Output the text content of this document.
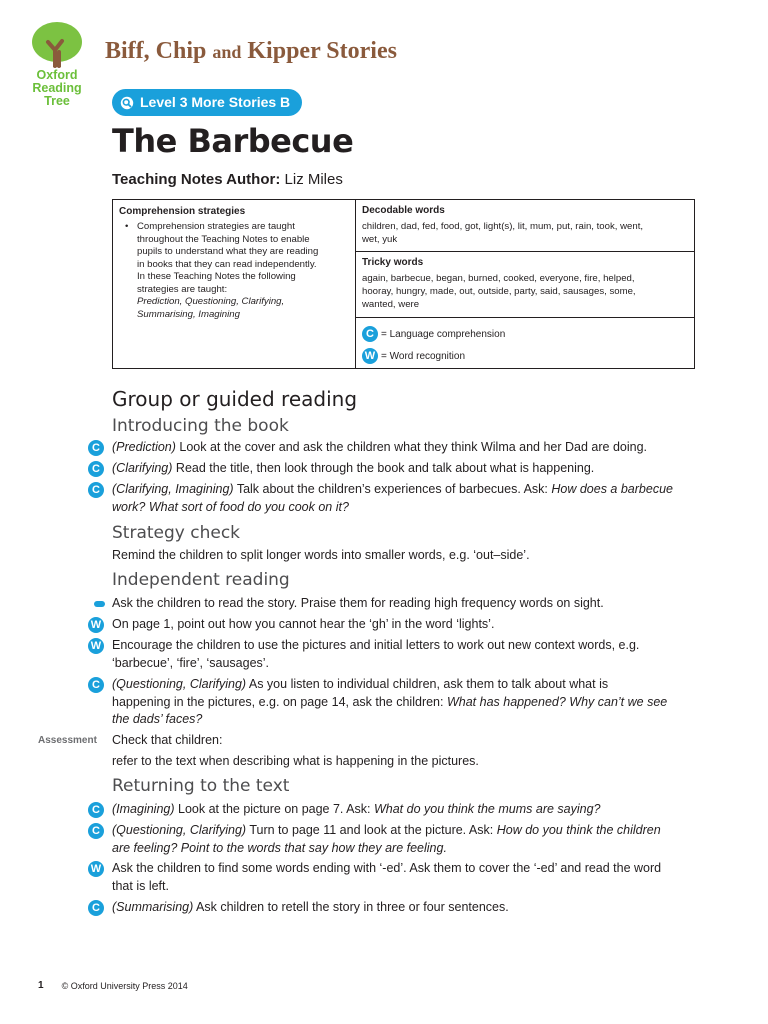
Oxford
Reading
Tree
Biff, Chip and Kipper Stories
Level 3 More Stories B
The Barbecue
Teaching Notes Author: Liz Miles
Comprehension strategies
• Comprehension strategies are taught
throughout the Teaching Notes to enable
pupils to understand what they are reading
in books that they can read independently.
In these Teaching Notes the following
strategies are taught:
Prediction, Questioning, Clarifying,
Summarising, Imagining
Decodable words
children, dad, fed, food, got, light(s), lit, mum, put, rain, took, went,
wet, yuk
Tricky words
again, barbecue, began, burned, cooked, everyone, fire, helped,
hooray, hungry, made, out, outside, party, said, sausages, some,
wanted, were
C = Language comprehension
W = Word recognition
Group or guided reading
Introducing the book
C (Prediction) Look at the cover and ask the children what they think Wilma and her Dad are doing.
C (Clarifying) Read the title, then look through the book and talk about what is happening.
C (Clarifying, Imagining) Talk about the children’s experiences of barbecues. Ask: How does a barbecue
work? What sort of food do you cook on it?
Strategy check
Remind the children to split longer words into smaller words, e.g. ‘out–side’.
Independent reading
Ask the children to read the story. Praise them for reading high frequency words on sight.
W On page 1, point out how you cannot hear the ‘gh’ in the word ‘lights’.
W Encourage the children to use the pictures and initial letters to work out new context words, e.g.
‘barbecue’, ‘fire’, ‘sausages’.
C (Questioning, Clarifying) As you listen to individual children, ask them to talk about what is
happening in the pictures, e.g. on page 14, ask the children: What has happened? Why can’t we see
the dads’ faces?
Assessment Check that children:
refer to the text when describing what is happening in the pictures.
Returning to the text
C (Imagining) Look at the picture on page 7. Ask: What do you think the mums are saying?
C (Questioning, Clarifying) Turn to page 11 and look at the picture. Ask: How do you think the children
are feeling? Point to the words that say how they are feeling.
W Ask the children to find some words ending with ‘-ed’. Ask them to cover the ‘-ed’ and read the word
that is left.
C (Summarising) Ask children to retell the story in three or four sentences.
1 © Oxford University Press 2014
